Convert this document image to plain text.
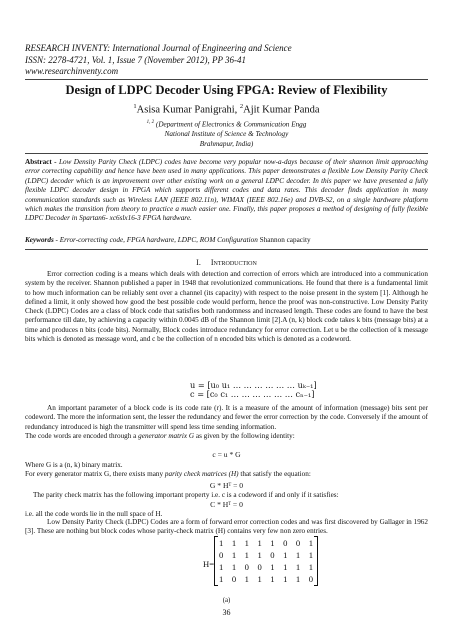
RESEARCH INVENTY: International Journal of Engineering and Science
ISSN: 2278-4721, Vol. 1, Issue 7 (November 2012), PP 36-41
www.researchinventy.com
Design of LDPC Decoder Using FPGA: Review of Flexibility
$^1$Asisa Kumar Panigrahi, $^2$Ajit Kumar Panda
$^{1, 2}$ (Department of Electronics & Communication Engg
National Institute of Science & Technology
Brahmapur, India)
Abstract - Low Density Parity Check (LDPC) codes have become very popular now-a-days because of their shannon limit approaching error correcting capability and hence have been used in many applications. This paper demonstrates a flexible Low Density Parity Check (LDPC) decoder which is an improvement over other existing work on a general LDPC decoder. In this paper we have presented a fully flexible LDPC decoder design in FPGA which supports different codes and data rates. This decoder finds application in many communication standards such as Wireless LAN (IEEE 802.11n), WIMAX (IEEE 802.16e) and DVB-S2, on a single hardware platform which makes the transition from theory to practice a much easier one. Finally, this paper proposes a method of designing of fully flexible LDPC Decoder in Spartan6- xc6slx16-3 FPGA hardware.
Keywords - Error-correcting code, FPGA hardware, LDPC, ROM Configuration Shannon capacity
I. Introduction

Error correction coding is a means which deals with detection and correction of errors which are introduced into a communication system by the receiver. Shannon published a paper in 1948 that revolutionized communications. He found that there is a fundamental limit to how much information can be reliably sent over a channel (its capacity) with respect to the noise present in the system [1]. Although he defined a limit, it only showed how good the best possible code would perform, hence the proof was non-constructive. Low Density Parity Check (LDPC) Codes are a class of block code that satisfies both randomness and increased length. These codes are found to have the best performance till date, by achieving a capacity within 0.0045 dB of the Shannon limit [2].A (n, k) block code takes k bits (message bits) at a time and produces n bits (code bits). Normally, Block codes introduce redundancy for error correction. Let u be the collection of k message bits which is denoted as message word, and c be the collection of n encoded bits which is denoted as a codeword.

u = [u₀ u₁ … … … … … … uₖ₋₁]
c = [c₀ c₁ … … … … … … cₙ₋₁]

An important parameter of a block code is its code rate (r). It is a measure of the amount of information (message) bits sent per codeword. The more the information sent, the lesser the redundancy and fewer the error correction by the code. Conversely if the amount of redundancy introduced is high the transmitter will spend less time sending information.

The code words are encoded through a generator matrix G as given by the following identity:

c = u * G

Where G is a (n, k) binary matrix.

For every generator matrix G, there exists many parity check matrices (H) that satisfy the equation:

G * Hᵀ = 0

The parity check matrix has the following important property i.e. c is a codeword if and only if it satisfies:

C * Hᵀ = 0

i.e. all the code words lie in the null space of H.

Low Density Parity Check (LDPC) Codes are a form of forward error correction codes and was first discovered by Gallager in 1962 [3]. These are nothing but block codes whose parity-check matrix (H) contains very few non zero entries.

H=
1 1 1 1 1 0 0 1
0 1 1 1 0 1 1 1
1 1 0 0 1 1 1 1
1 0 1 1 1 1 1 0
(a)
36
